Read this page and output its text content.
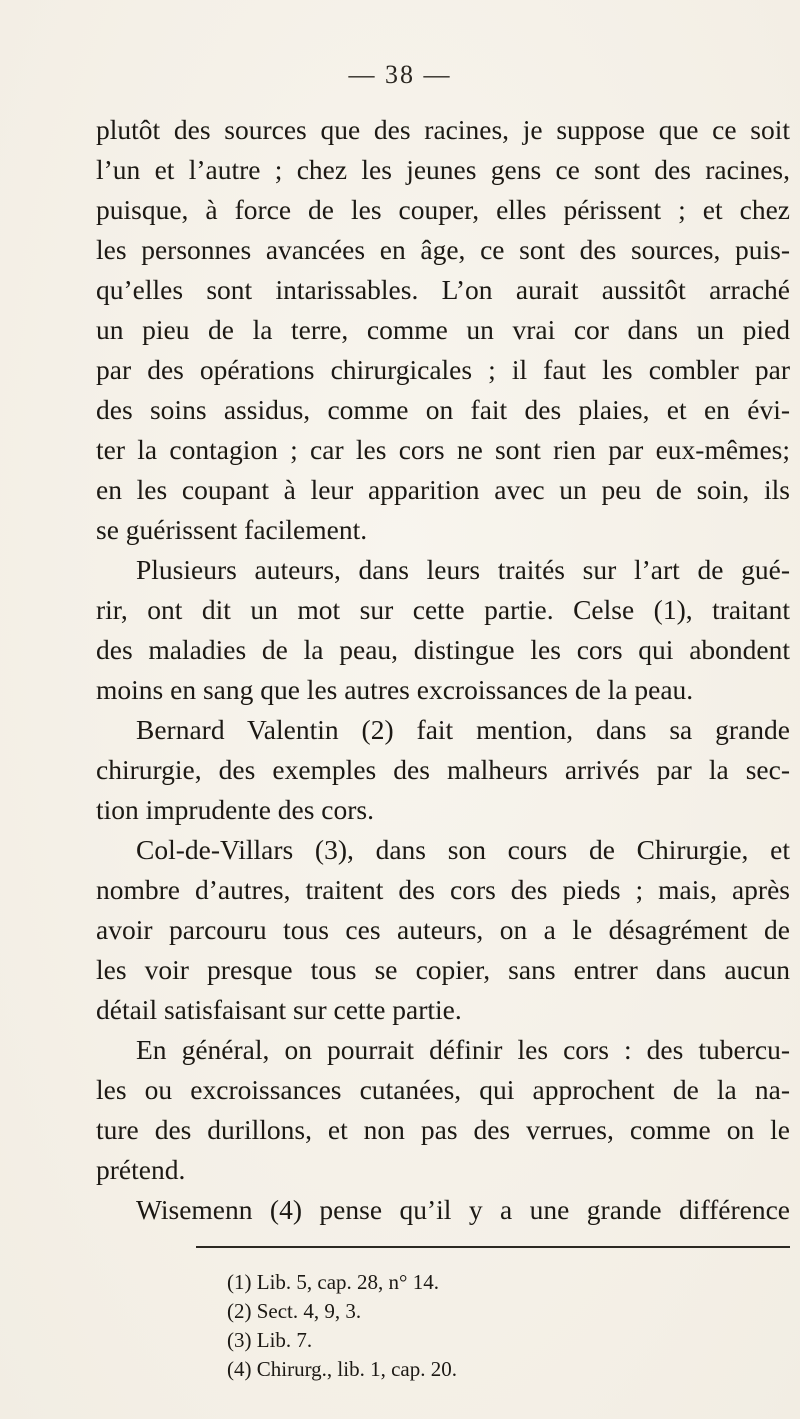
— 38 —
plutôt des sources que des racines, je suppose que ce soit
l’un et l’autre ; chez les jeunes gens ce sont des racines,
puisque, à force de les couper, elles périssent ; et chez
les personnes avancées en âge, ce sont des sources, puis-
qu’elles sont intarissables. L’on aurait aussitôt arraché
un pieu de la terre, comme un vrai cor dans un pied
par des opérations chirurgicales ; il faut les combler par
des soins assidus, comme on fait des plaies, et en évi-
ter la contagion ; car les cors ne sont rien par eux-mêmes;
en les coupant à leur apparition avec un peu de soin, ils
se guérissent facilement.
Plusieurs auteurs, dans leurs traités sur l’art de gué-
rir, ont dit un mot sur cette partie. Celse (1), traitant
des maladies de la peau, distingue les cors qui abondent
moins en sang que les autres excroissances de la peau.
Bernard Valentin (2) fait mention, dans sa grande
chirurgie, des exemples des malheurs arrivés par la sec-
tion imprudente des cors.
Col-de-Villars (3), dans son cours de Chirurgie, et
nombre d’autres, traitent des cors des pieds ; mais, après
avoir parcouru tous ces auteurs, on a le désagrément de
les voir presque tous se copier, sans entrer dans aucun
détail satisfaisant sur cette partie.
En général, on pourrait définir les cors : des tubercu-
les ou excroissances cutanées, qui approchent de la na-
ture des durillons, et non pas des verrues, comme on le
prétend.
Wisemenn (4) pense qu’il y a une grande différence
(1) Lib. 5, cap. 28, n° 14.
(2) Sect. 4, 9, 3.
(3) Lib. 7.
(4) Chirurg., lib. 1, cap. 20.
